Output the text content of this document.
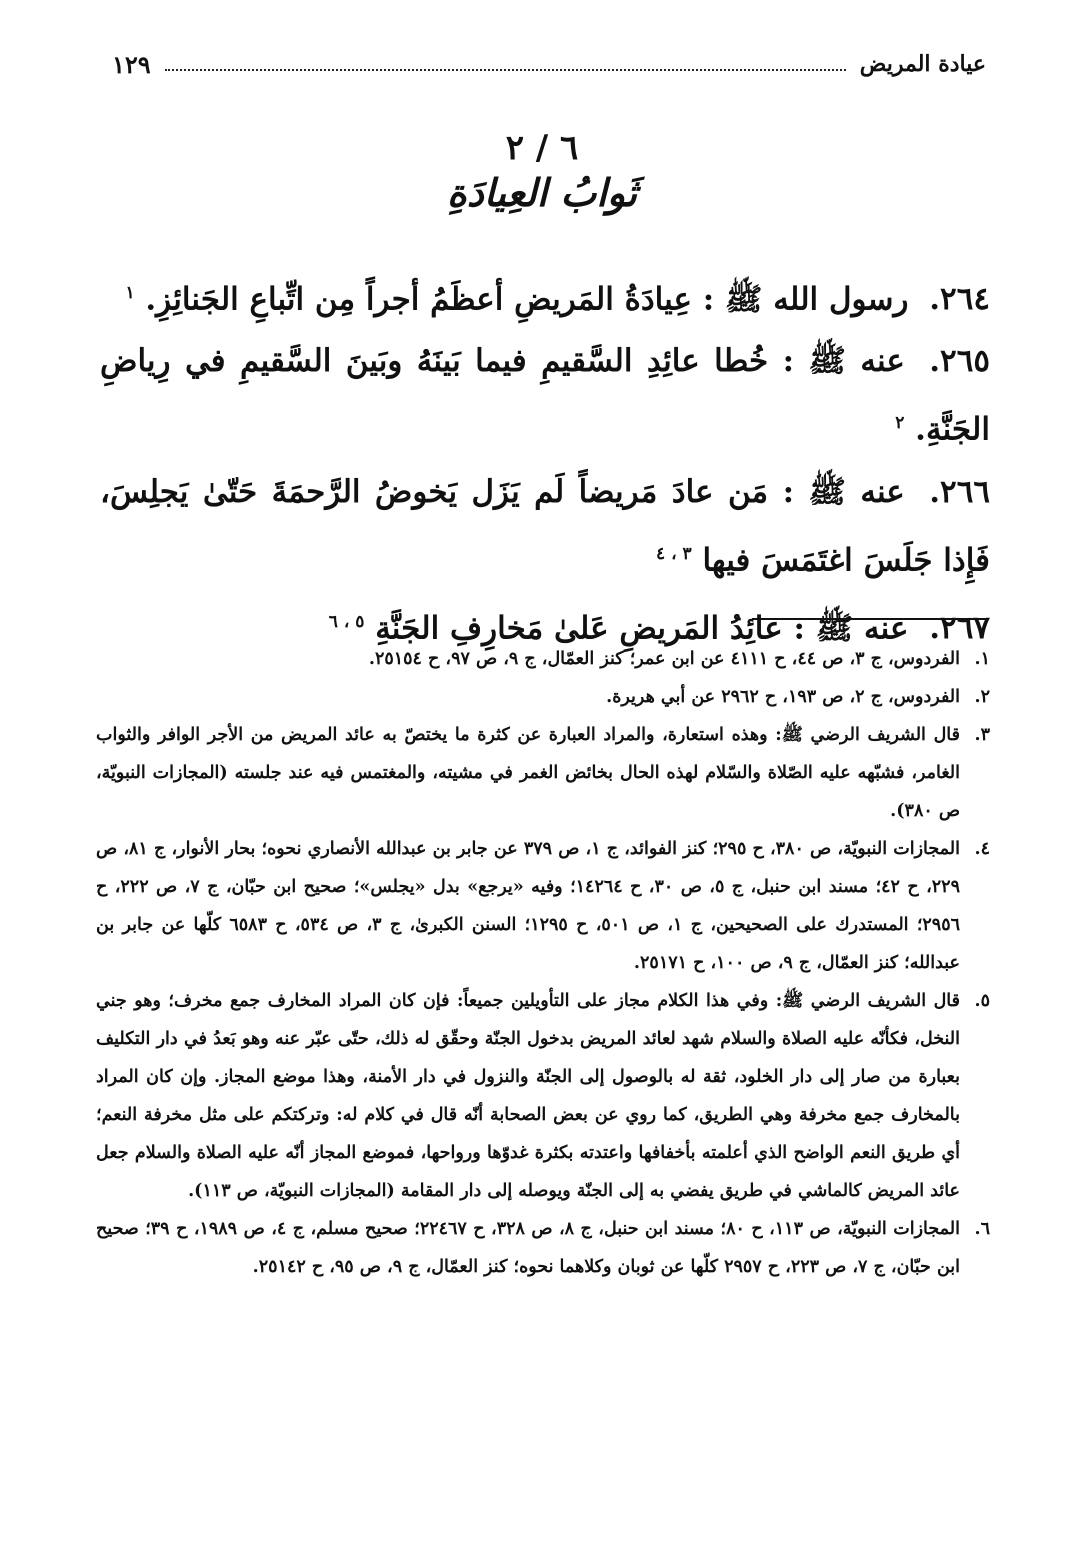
عيادة المريض
١٢٩
٦ / ٢
ثَوابُ العِيادَةِ

٢٦٤. رسول الله ﷺ : عِيادَةُ المَريضِ أعظَمُ أجراً مِن اتِّباعِ الجَنائِزِ. $^١$

٢٦٥. عنه ﷺ : خُطا عائِدِ السَّقيمِ فيما بَينَهُ وبَينَ السَّقيمِ في رِياضِ الجَنَّةِ. $^٢$

٢٦٦. عنه ﷺ : مَن عادَ مَريضاً لَم يَزَل يَخوضُ الرَّحمَةَ حَتّىٰ يَجلِسَ، فَإِذا جَلَسَ اغتَمَسَ فيها $^{٣ ، ٤}$

٢٦٧. عنه ﷺ : عائِدُ المَريضِ عَلىٰ مَخارِفِ الجَنَّةِ $^{٥ ، ٦}$

١.
الفردوس، ج ٣، ص ٤٤، ح ٤١١١ عن ابن عمر؛ كنز العمّال، ج ٩، ص ٩٧، ح ٢٥١٥٤.
٢.
الفردوس، ج ٢، ص ١٩٣، ح ٢٩٦٢ عن أبي هريرة.
٣.
قال الشريف الرضي ﷺ: وهذه استعارة، والمراد العبارة عن كثرة ما يختصّ به عائد المريض من الأجر الوافر والثواب الغامر، فشبّهه عليه الصّلاة والسّلام لهذه الحال بخائض الغمر في مشيته، والمغتمس فيه عند جلسته (المجازات النبويّة، ص ٣٨٠).
٤.
المجازات النبويّة، ص ٣٨٠، ح ٢٩٥؛ كنز الفوائد، ج ١، ص ٣٧٩ عن جابر بن عبدالله الأنصاري نحوه؛ بحار الأنوار، ج ٨١، ص ٢٢٩، ح ٤٢؛ مسند ابن حنبل، ج ٥، ص ٣٠، ح ١٤٢٦٤؛ وفيه «يرجع» بدل «يجلس»؛ صحيح ابن حبّان، ج ٧، ص ٢٢٢، ح ٢٩٥٦؛ المستدرك على الصحيحين، ج ١، ص ٥٠١، ح ١٢٩٥؛ السنن الكبرىٰ، ج ٣، ص ٥٣٤، ح ٦٥٨٣ كلّها عن جابر بن عبدالله؛ كنز العمّال، ج ٩، ص ١٠٠، ح ٢٥١٧١.
٥.
قال الشريف الرضي ﷺ: وفي هذا الكلام مجاز على التأويلين جميعاً: فإن كان المراد المخارف جمع مخرف؛ وهو جني النخل، فكأنّه عليه الصلاة والسلام شهد لعائد المريض بدخول الجنّة وحقّق له ذلك، حتّى عبّر عنه وهو بَعدُ في دار التكليف بعبارة من صار إلى دار الخلود، ثقة له بالوصول إلى الجنّة والنزول في دار الأمنة، وهذا موضع المجاز. وإن كان المراد بالمخارف جمع مخرفة وهي الطريق، كما روي عن بعض الصحابة أنّه قال في كلام له: وتركتكم على مثل مخرفة النعم؛ أي طريق النعم الواضح الذي أعلمته بأخفافها واعتدته بكثرة غدوّها ورواحها، فموضع المجاز أنّه عليه الصلاة والسلام جعل عائد المريض كالماشي في طريق يفضي به إلى الجنّة ويوصله إلى دار المقامة (المجازات النبويّة، ص ١١٣).
٦.
المجازات النبويّة، ص ١١٣، ح ٨٠؛ مسند ابن حنبل، ج ٨، ص ٣٢٨، ح ٢٢٤٦٧؛ صحيح مسلم، ج ٤، ص ١٩٨٩، ح ٣٩؛ صحيح ابن حبّان، ج ٧، ص ٢٢٣، ح ٢٩٥٧ كلّها عن ثوبان وكلاهما نحوه؛ كنز العمّال، ج ٩، ص ٩٥، ح ٢٥١٤٢.
